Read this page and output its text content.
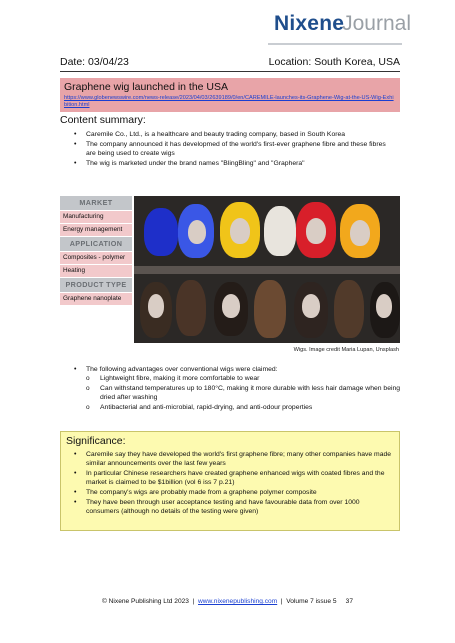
NixeneJournal
Date: 03/04/23	Location: South Korea, USA
Graphene wig launched in the USA
https://www.globenewswire.com/news-release/2023/04/03/2639189/0/en/CAREMILE-launches-its-Graphene-Wig-at-the-US-Wig-Exhibition.html
Content summary:
• Caremile Co., Ltd., is a healthcare and beauty trading company, based in South Korea
• The company announced it has developmed of the world's first-ever graphene fibre and these fibres are being used to create wigs
• The wig is marketed under the brand names "BlingBling" and "Graphera"
MARKET
Manufacturing
Energy management
APPLICATION
Composites - polymer
Heating
PRODUCT TYPE
Graphene nanoplate
Wigs. Image credit Maria Lupan, Unsplash
• The following advantages over conventional wigs were claimed:
o Lightweight fibre, making it more comfortable to wear
o Can withstand temperatures up to 180°C, making it more durable with less hair damage when being dried after washing
o Antibacterial and anti-microbial, rapid-drying, and anti-odour properties
Significance:
• Caremile say they have developed the world's first graphene fibre; many other companies have made similar announcements over the last few years
• In particular Chinese researchers have created graphene enhanced wigs with coated fibres and the market is claimed to be $1billion (vol 6 iss 7 p.21)
• The company's wigs are probably made from a graphene polymer composite
• They have been through user acceptance testing and have favourable data from over 1000 consumers (although no details of the testing were given)
© Nixene Publishing Ltd 2023 | www.nixenepublishing.com | Volume 7 issue 5 37
